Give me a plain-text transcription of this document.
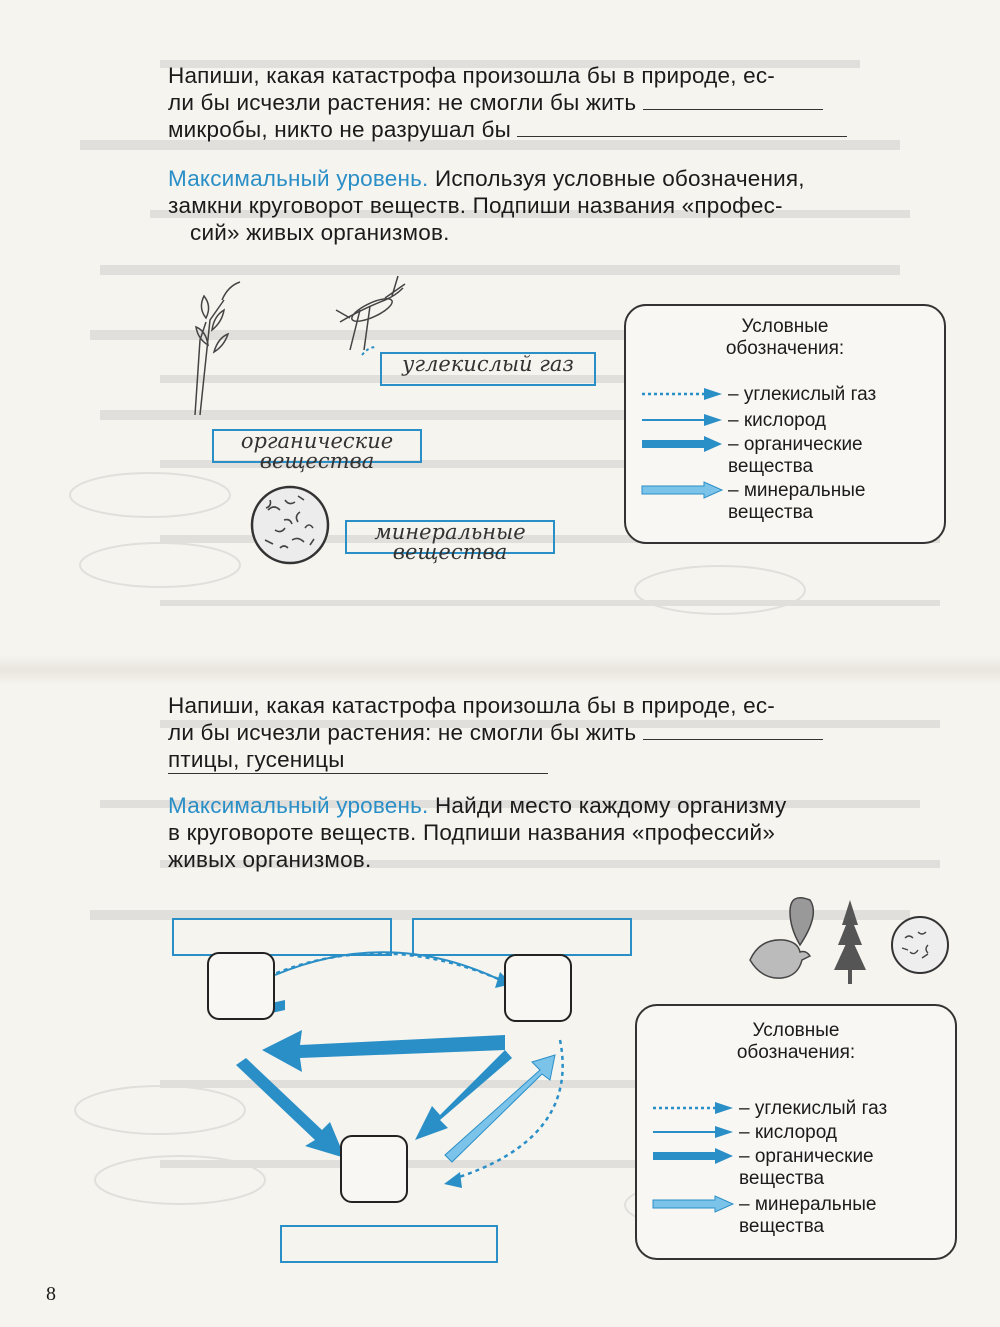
Напиши, какая катастрофа произошла бы в природе, ес-

ли бы исчезли растения: не смогли бы жить

микробы, никто не разрушал бы

Максимальный уровень. Используя условные обозначения,

замкни круговорот веществ. Подпиши названия «профес-

сий» живых организмов.

углекислый газ
органические вещества
минеральные вещества
Условные
обозначения:
– углекислый газ
– кислород
– органические
вещества
– минеральные
вещества

Напиши, какая катастрофа произошла бы в природе, ес-

ли бы исчезли растения: не смогли бы жить

птицы, гусеницы

Максимальный уровень. Найди место каждому организму

в круговороте веществ. Подпиши названия «профессий»

живых организмов.

Условные
обозначения:
– углекислый газ
– кислород
– органические
вещества
– минеральные
вещества
8
